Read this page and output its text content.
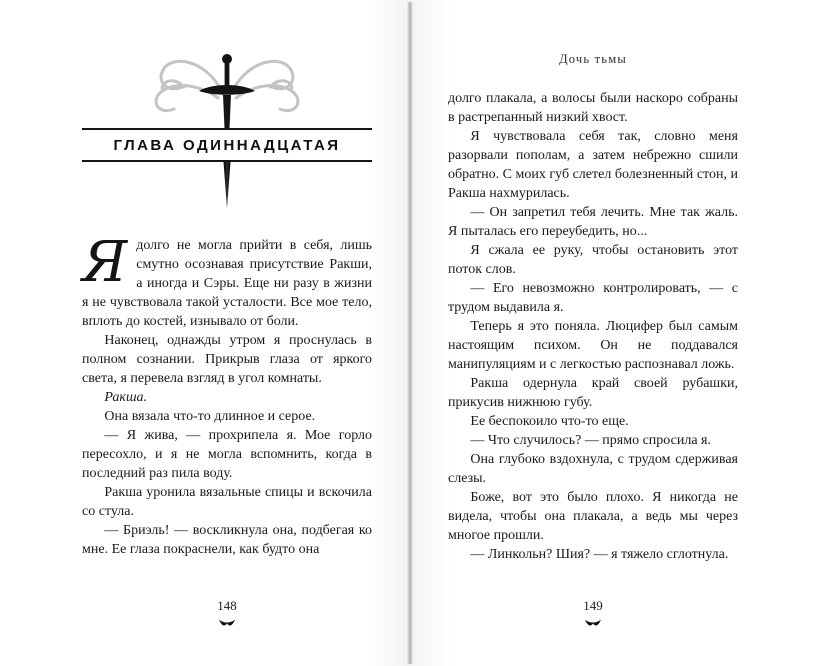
ГЛАВА ОДИННАДЦАТАЯ

Ядолго не могла прийти в себя, лишь смутно осознавая присутствие Ракши, а иногда и Сэры. Еще ни разу в жизни я не чувствовала такой усталости. Все мое тело, вплоть до костей, изнывало от боли.

Наконец, однажды утром я проснулась в полном сознании. Прикрыв глаза от яркого света, я перевела взгляд в угол комнаты.

Ракша.

Она вязала что-то длинное и серое.

— Я жива, — прохрипела я. Мое горло пересохло, и я не могла вспомнить, когда в последний раз пила воду.

Ракша уронила вязальные спицы и вскочила со стула.

— Бриэль! — воскликнула она, подбегая ко мне. Ее глаза покраснели, как будто она

148
Дочь тьмы

долго плакала, а волосы были наскоро собраны в растрепанный низкий хвост.

Я чувствовала себя так, словно меня разорвали пополам, а затем небрежно сшили обратно. С моих губ слетел болезненный стон, и Ракша нахмурилась.

— Он запретил тебя лечить. Мне так жаль. Я пыталась его переубедить, но...

Я сжала ее руку, чтобы остановить этот поток слов.

— Его невозможно контролировать, — с трудом выдавила я.

Теперь я это поняла. Люцифер был самым настоящим психом. Он не поддавался манипуляциям и с легкостью распознавал ложь.

Ракша одернула край своей рубашки, прикусив нижнюю губу.

Ее беспокоило что-то еще.

— Что случилось? — прямо спросила я.

Она глубоко вздохнула, с трудом сдерживая слезы.

Боже, вот это было плохо. Я никогда не видела, чтобы она плакала, а ведь мы через многое прошли.

— Линкольн? Шия? — я тяжело сглотнула.

149
